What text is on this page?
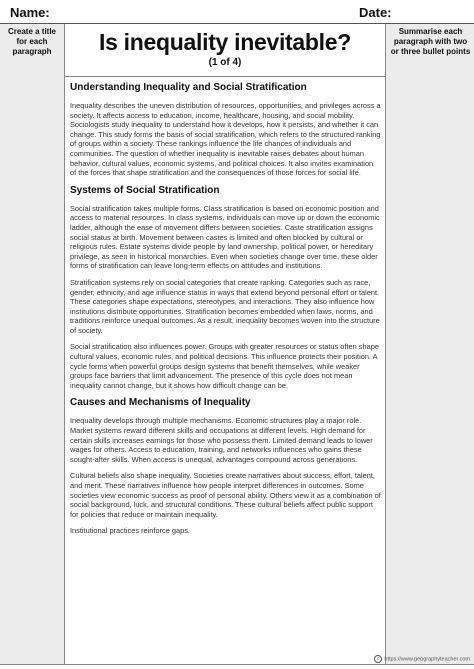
Name:	Date:
Create a title for each paragraph	Is inequality inevitable?
(1 of 4)
Understanding Inequality and Social Stratification

Inequality describes the uneven distribution of resources, opportunities, and privileges across a society. It affects access to education, income, healthcare, housing, and social mobility. Sociologists study inequality to understand how it develops, how it persists, and whether it can change. This study forms the basis of social stratification, which refers to the structured ranking of groups within a society. These rankings influence the life chances of individuals and communities. The question of whether inequality is inevitable raises debates about human behavior, cultural values, economic systems, and political choices. It also invites examination of the forces that shape stratification and the consequences of those forces for social life.

Systems of Social Stratification

Social stratification takes multiple forms. Class stratification is based on economic position and access to material resources. In class systems, individuals can move up or down the economic ladder, although the ease of movement differs between societies. Caste stratification assigns social status at birth. Movement between castes is limited and often blocked by cultural or religious rules. Estate systems divide people by land ownership, political power, or hereditary privilege, as seen in historical monarchies. Even when societies change over time, these older forms of stratification can leave long-term effects on attitudes and institutions.

Stratification systems rely on social categories that create ranking. Categories such as race, gender, ethnicity, and age influence status in ways that extend beyond personal effort or talent. These categories shape expectations, stereotypes, and interactions. They also influence how institutions distribute opportunities. Stratification becomes embedded when laws, norms, and traditions reinforce unequal outcomes. As a result, inequality becomes woven into the structure of society.

Social stratification also influences power. Groups with greater resources or status often shape cultural values, economic rules, and political decisions. This influence protects their position. A cycle forms when powerful groups design systems that benefit themselves, while weaker groups face barriers that limit advancement. The presence of this cycle does not mean inequality cannot change, but it shows how difficult change can be.

Causes and Mechanisms of Inequality

Inequality develops through multiple mechanisms. Economic structures play a major role. Market systems reward different skills and occupations at different levels. High demand for certain skills increases earnings for those who possess them. Limited demand leads to lower wages for others. Access to education, training, and networks influences who gains these sought-after skills. When access is unequal, advantages compound across generations.

Cultural beliefs also shape inequality. Societies create narratives about success, effort, talent, and merit. These narratives influence how people interpret differences in outcomes. Some societies view economic success as proof of personal ability. Others view it as a combination of social background, luck, and structural conditions. These cultural beliefs affect public support for policies that reduce or maintain inequality.

Institutional practices reinforce gaps.

Summarise each paragraph with two or three bullet points
© https://www.geographyteacher.com
